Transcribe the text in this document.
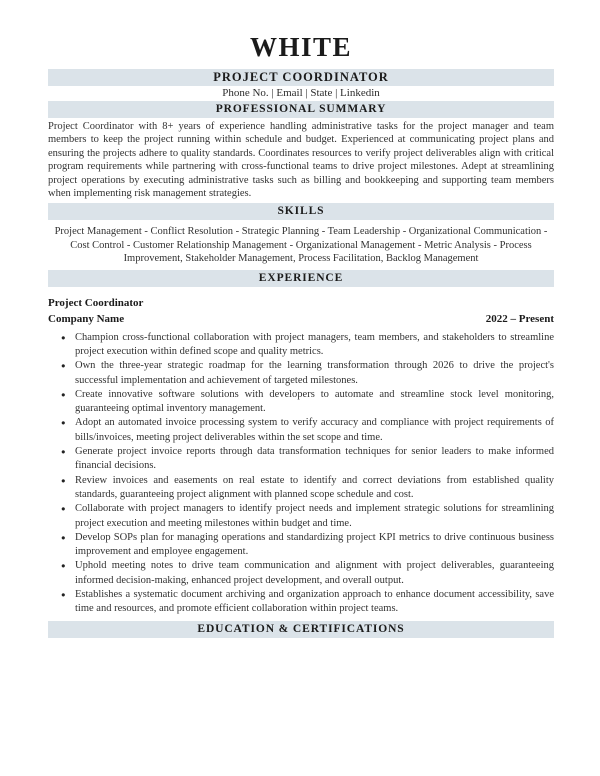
WHITE
PROJECT COORDINATOR
Phone No. | Email | State | Linkedin
PROFESSIONAL SUMMARY

Project Coordinator with 8+ years of experience handling administrative tasks for the project manager and team members to keep the project running within schedule and budget. Experienced at communicating project plans and ensuring the projects adhere to quality standards. Coordinates resources to verify project deliverables align with critical program requirements while partnering with cross-functional teams to drive project milestones. Adept at streamlining project operations by executing administrative tasks such as billing and bookkeeping and supporting team members when implementing risk management strategies.

SKILLS

Project Management - Conflict Resolution - Strategic Planning - Team Leadership - Organizational Communication - Cost Control - Customer Relationship Management - Organizational Management - Metric Analysis - Process Improvement, Stakeholder Management, Process Facilitation, Backlog Management

EXPERIENCE
Project Coordinator
Company Name	2022 – Present
● Champion cross-functional collaboration with project managers, team members, and stakeholders to streamline project execution within defined scope and quality metrics.
● Own the three-year strategic roadmap for the learning transformation through 2026 to drive the project's successful implementation and achievement of targeted milestones.
● Create innovative software solutions with developers to automate and streamline stock level monitoring, guaranteeing optimal inventory management.
● Adopt an automated invoice processing system to verify accuracy and compliance with project requirements of bills/invoices, meeting project deliverables within the set scope and time.
● Generate project invoice reports through data transformation techniques for senior leaders to make informed financial decisions.
● Review invoices and easements on real estate to identify and correct deviations from established quality standards, guaranteeing project alignment with planned scope schedule and cost.
● Collaborate with project managers to identify project needs and implement strategic solutions for streamlining project execution and meeting milestones within budget and time.
● Develop SOPs plan for managing operations and standardizing project KPI metrics to drive continuous business improvement and employee engagement.
● Uphold meeting notes to drive team communication and alignment with project deliverables, guaranteeing informed decision-making, enhanced project development, and overall output.
● Establishes a systematic document archiving and organization approach to enhance document accessibility, save time and resources, and promote efficient collaboration within project teams.
EDUCATION & CERTIFICATIONS
